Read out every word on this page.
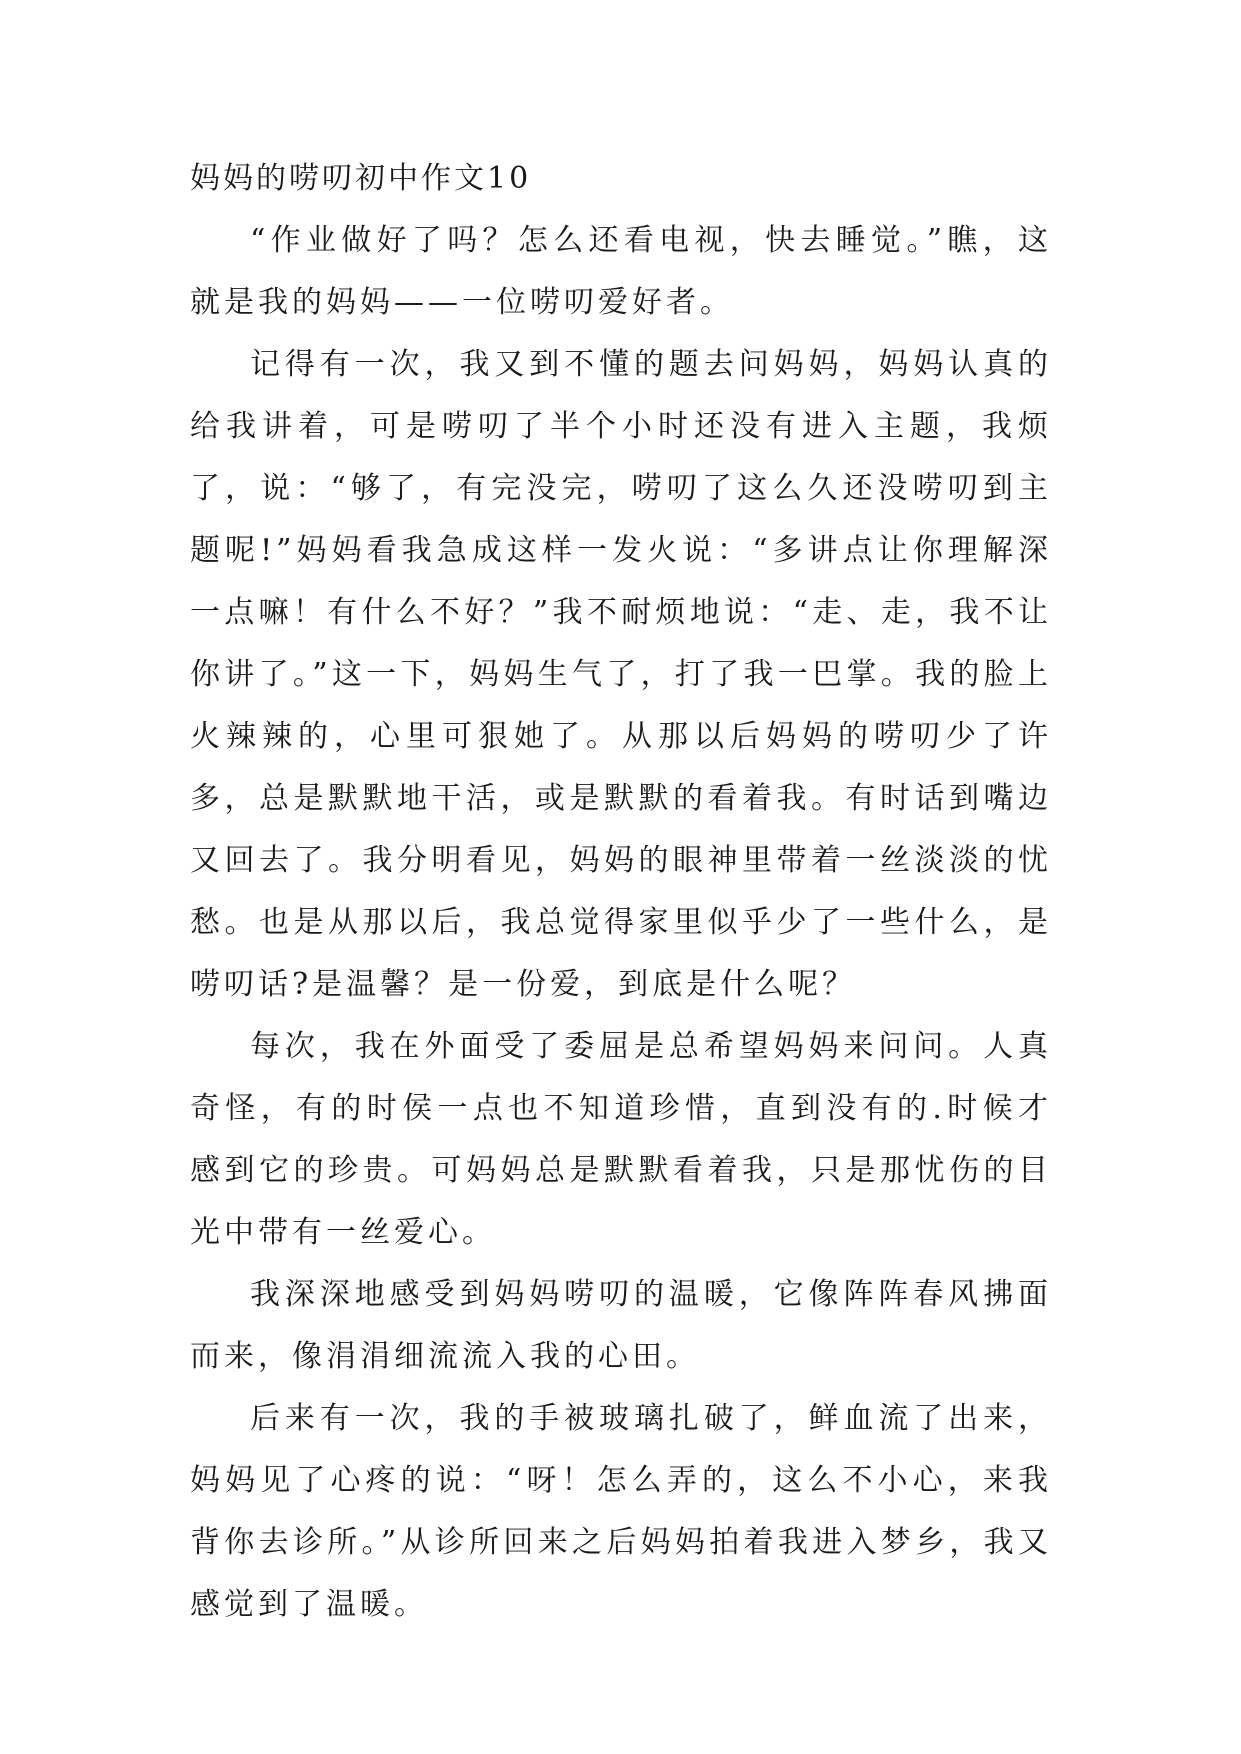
妈妈的唠叨初中作文10

“作业做好了吗？怎么还看电视，快去睡觉。”瞧，这就是我的妈妈——一位唠叨爱好者。

记得有一次，我又到不懂的题去问妈妈，妈妈认真的给我讲着，可是唠叨了半个小时还没有进入主题，我烦了，说：“够了，有完没完，唠叨了这么久还没唠叨到主题呢!”妈妈看我急成这样一发火说：“多讲点让你理解深一点嘛！有什么不好？”我不耐烦地说：“走、走，我不让你讲了。”这一下，妈妈生气了，打了我一巴掌。我的脸上火辣辣的，心里可狠她了。从那以后妈妈的唠叨少了许多，总是默默地干活，或是默默的看着我。有时话到嘴边又回去了。我分明看见，妈妈的眼神里带着一丝淡淡的忧愁。也是从那以后，我总觉得家里似乎少了一些什么，是唠叨话?是温馨？是一份爱，到底是什么呢？

每次，我在外面受了委屈是总希望妈妈来问问。人真奇怪，有的时侯一点也不知道珍惜，直到没有的.时候才感到它的珍贵。可妈妈总是默默看着我，只是那忧伤的目光中带有一丝爱心。

我深深地感受到妈妈唠叨的温暖，它像阵阵春风拂面而来，像涓涓细流流入我的心田。

后来有一次，我的手被玻璃扎破了，鲜血流了出来，妈妈见了心疼的说：“呀！怎么弄的，这么不小心，来我背你去诊所。”从诊所回来之后妈妈拍着我进入梦乡，我又感觉到了温暖。
